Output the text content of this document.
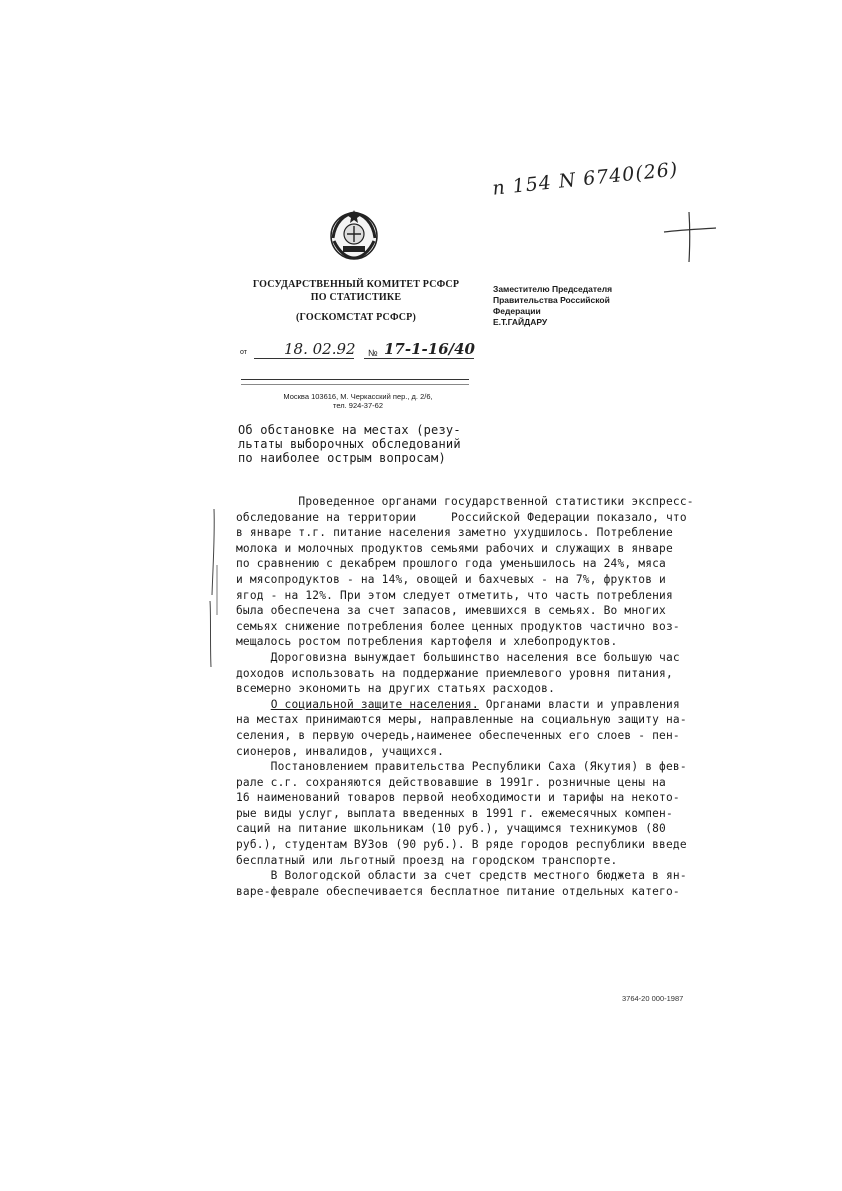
n 154 N 6740(26)
ГОСУДАРСТВЕННЫЙ КОМИТЕТ РСФСР
ПО СТАТИСТИКЕ
(ГОСКОМСТАТ РСФСР)
Заместителю Председателя
Правительства Российской
Федерации
Е.Т.ГАЙДАРУ
от 18. 02.92 № 17-1-16/40
Москва 103616, М. Черкасский пер., д. 2/6,
тел. 924-37-62
Об обстановке на местах (резу-
льтаты выборочных обследований
по наиболее острым вопросам)

Проведенное органами государственной статистики экспресс-

обследование на территории     Российской Федерации показало, что

в январе т.г. питание населения заметно ухудшилось. Потребление

молока и молочных продуктов семьями рабочих и служащих в январе

по сравнению с декабрем прошлого года уменьшилось на 24%, мяса

и мясопродуктов - на 14%, овощей и бахчевых - на 7%, фруктов и

ягод - на 12%. При этом следует отметить, что часть потребления

была обеспечена за счет запасов, имевшихся в семьях. Во многих

семьях снижение потребления более ценных продуктов частично воз-

мещалось ростом потребления картофеля и хлебопродуктов.

Дороговизна вынуждает большинство населения все большую час

доходов использовать на поддержание приемлевого уровня питания,

всемерно экономить на других статьях расходов.

О социальной защите населения. Органами власти и управления

на местах принимаются меры, направленные на социальную защиту на-

селения, в первую очередь,наименее обеспеченных его слоев - пен-

сионеров, инвалидов, учащихся.

Постановлением правительства Республики Саха (Якутия) в фев-

рале с.г. сохраняются действовавшие в 1991г. розничные цены на

16 наименований товаров первой необходимости и тарифы на некото-

рые виды услуг, выплата введенных в 1991 г. ежемесячных компен-

саций на питание школьникам (10 руб.), учащимся техникумов (80

руб.), студентам ВУЗов (90 руб.). В ряде городов республики введе

бесплатный или льготный проезд на городском транспорте.

В Вологодской области за счет средств местного бюджета в ян-

варе-феврале обеспечивается бесплатное питание отдельных катего-

3764-20 000-1987
